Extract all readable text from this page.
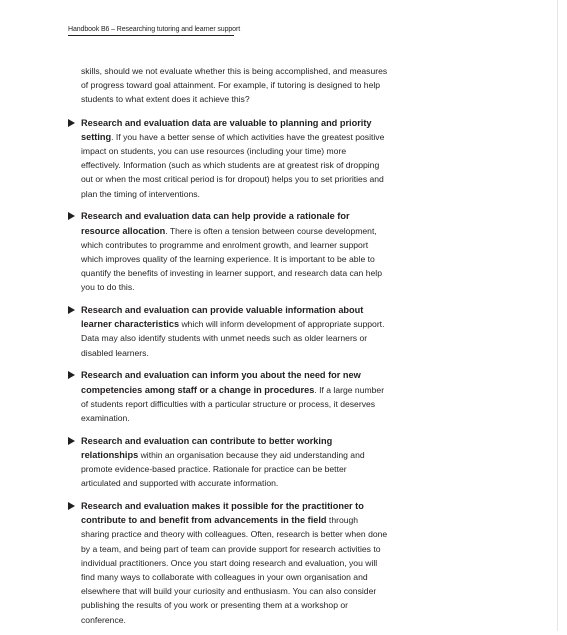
Handbook B6 – Researching tutoring and learner support

skills, should we not evaluate whether this is being accomplished, and measures of progress toward goal attainment. For example, if tutoring is designed to help students to what extent does it achieve this?

Research and evaluation data are valuable to planning and priority setting. If you have a better sense of which activities have the greatest positive impact on students, you can use resources (including your time) more effectively. Information (such as which students are at greatest risk of dropping out or when the most critical period is for dropout) helps you to set priorities and plan the timing of interventions.
Research and evaluation data can help provide a rationale for resource allocation. There is often a tension between course development, which contributes to programme and enrolment growth, and learner support which improves quality of the learning experience. It is important to be able to quantify the benefits of investing in learner support, and research data can help you to do this.
Research and evaluation can provide valuable information about learner characteristics which will inform development of appropriate support. Data may also identify students with unmet needs such as older learners or disabled learners.
Research and evaluation can inform you about the need for new competencies among staff or a change in procedures. If a large number of students report difficulties with a particular structure or process, it deserves examination.
Research and evaluation can contribute to better working relationships within an organisation because they aid understanding and promote evidence-based practice. Rationale for practice can be better articulated and supported with accurate information.
Research and evaluation makes it possible for the practitioner to contribute to and benefit from advancements in the field through sharing practice and theory with colleagues. Often, research is better when done by a team, and being part of team can provide support for research activities to individual practitioners. Once you start doing research and evaluation, you will find many ways to collaborate with colleagues in your own organisation and elsewhere that will build your curiosity and enthusiasm. You can also consider publishing the results of you work or presenting them at a workshop or conference.
